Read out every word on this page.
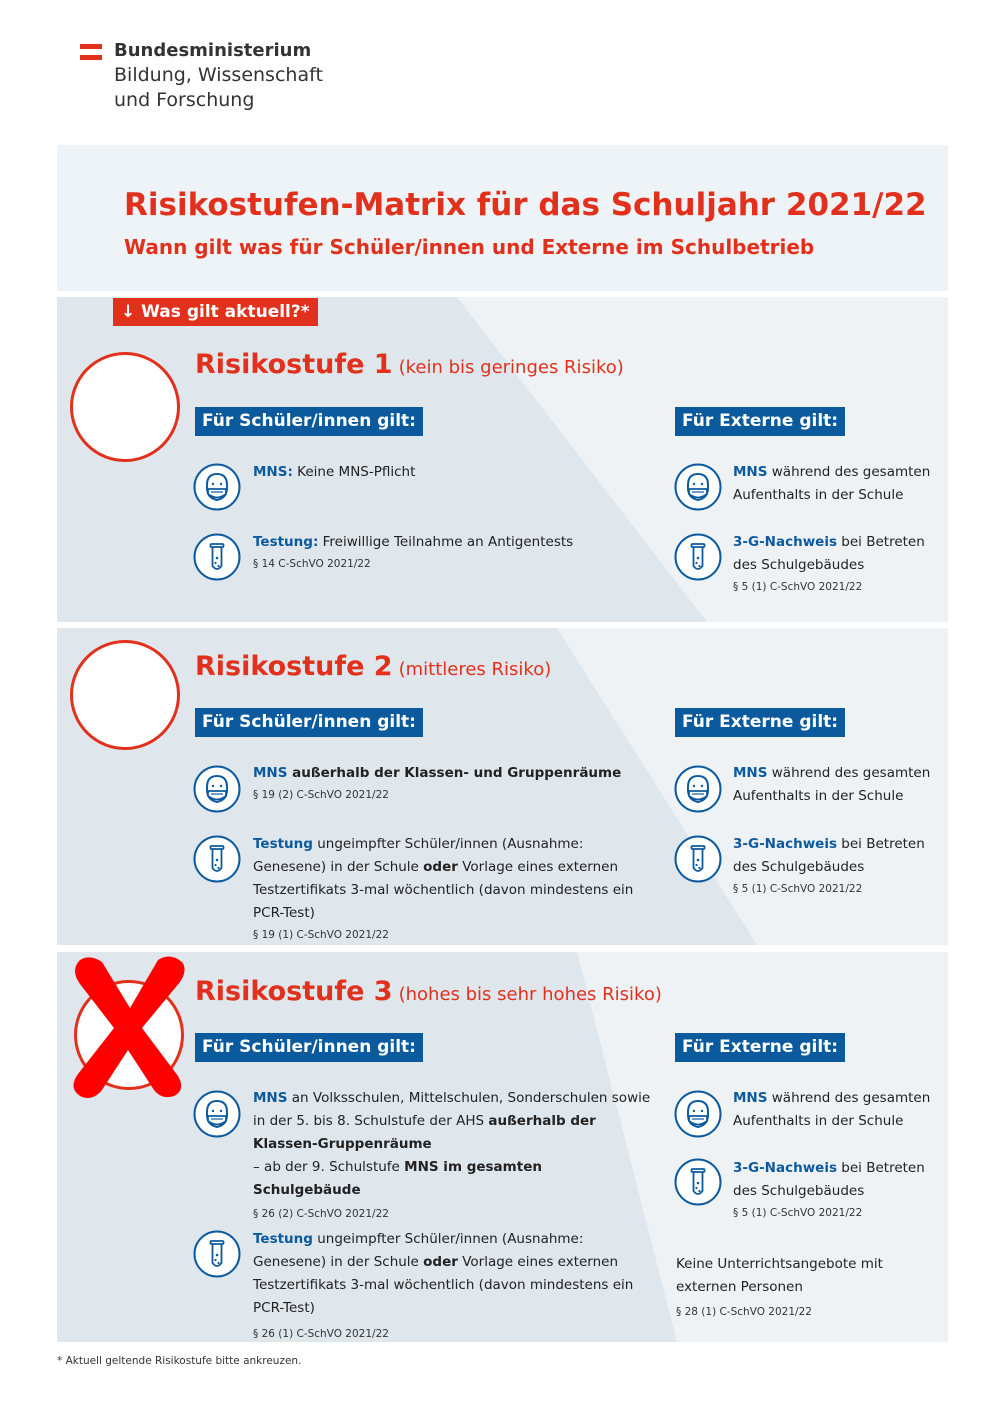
Bundesministerium
Bildung, Wissenschaft
und Forschung
Risikostufen-Matrix für das Schuljahr 2021/22
Wann gilt was für Schüler/innen und Externe im Schulbetrieb
↓ Was gilt aktuell?*
Risikostufe 1 (kein bis geringes Risiko)
Für Schüler/innen gilt:	Für Externe gilt:
MNS: Keine MNS-Pflicht
Testung: Freiwillige Teilnahme an Antigentests
§ 14 C-SchVO 2021/22
MNS während des gesamten Aufenthalts in der Schule
3-G-Nachweis bei Betreten des Schulgebäudes
§ 5 (1) C-SchVO 2021/22
Risikostufe 2 (mittleres Risiko)
Für Schüler/innen gilt:	Für Externe gilt:
MNS außerhalb der Klassen- und Gruppenräume
§ 19 (2) C-SchVO 2021/22
Testung ungeimpfter Schüler/innen (Ausnahme: Genesene) in der Schule oder Vorlage eines externen Testzertifikats 3-mal wöchentlich (davon mindestens ein PCR-Test)
§ 19 (1) C-SchVO 2021/22
MNS während des gesamten Aufenthalts in der Schule
3-G-Nachweis bei Betreten des Schulgebäudes
§ 5 (1) C-SchVO 2021/22
Risikostufe 3 (hohes bis sehr hohes Risiko)
Für Schüler/innen gilt:	Für Externe gilt:
MNS an Volksschulen, Mittelschulen, Sonderschulen sowie in der 5. bis 8. Schulstufe der AHS außerhalb der Klassen-Gruppenräume
– ab der 9. Schulstufe MNS im gesamten Schulgebäude
§ 26 (2) C-SchVO 2021/22
Testung ungeimpfter Schüler/innen (Ausnahme: Genesene) in der Schule oder Vorlage eines externen Testzertifikats 3-mal wöchentlich (davon mindestens ein PCR-Test)
§ 26 (1) C-SchVO 2021/22
MNS während des gesamten Aufenthalts in der Schule
3-G-Nachweis bei Betreten des Schulgebäudes
§ 5 (1) C-SchVO 2021/22
Keine Unterrichtsangebote mit externen Personen
§ 28 (1) C-SchVO 2021/22
* Aktuell geltende Risikostufe bitte ankreuzen.
